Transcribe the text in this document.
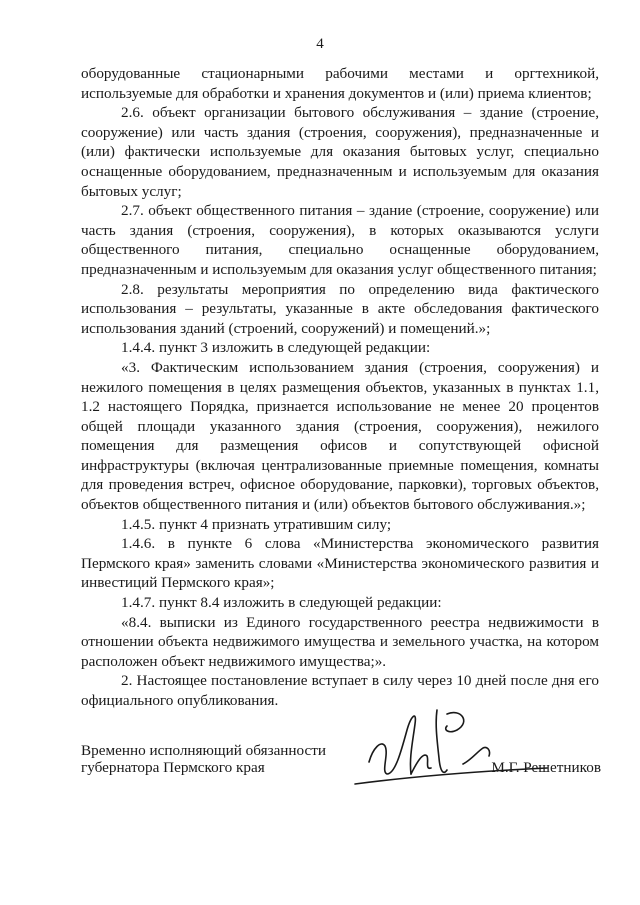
4

оборудованные стационарными рабочими местами и оргтехникой, используемые для обработки и хранения документов и (или) приема клиентов;

2.6. объект организации бытового обслуживания – здание (строение, сооружение) или часть здания (строения, сооружения), предназначенные и (или) фактически используемые для оказания бытовых услуг, специально оснащенные оборудованием, предназначенным и используемым для оказания бытовых услуг;

2.7. объект общественного питания – здание (строение, сооружение) или часть здания (строения, сооружения), в которых оказываются услуги общественного питания, специально оснащенные оборудованием, предназначенным и используемым для оказания услуг общественного питания;

2.8. результаты мероприятия по определению вида фактического использования – результаты, указанные в акте обследования фактического использования зданий (строений, сооружений) и помещений.»;

1.4.4. пункт 3 изложить в следующей редакции:

«3. Фактическим использованием здания (строения, сооружения) и нежилого помещения в целях размещения объектов, указанных в пунктах 1.1, 1.2 настоящего Порядка, признается использование не менее 20 процентов общей площади указанного здания (строения, сооружения), нежилого помещения для размещения офисов и сопутствующей офисной инфраструктуры (включая централизованные приемные помещения, комнаты для проведения встреч, офисное оборудование, парковки), торговых объектов, объектов общественного питания и (или) объектов бытового обслуживания.»;

1.4.5. пункт 4 признать утратившим силу;

1.4.6. в пункте 6 слова «Министерства экономического развития Пермского края» заменить словами «Министерства экономического развития и инвестиций Пермского края»;

1.4.7. пункт 8.4 изложить в следующей редакции:

«8.4. выписки из Единого государственного реестра недвижимости в отношении объекта недвижимого имущества и земельного участка, на котором расположен объект недвижимого имущества;».

2. Настоящее постановление вступает в силу через 10 дней после дня его официального опубликования.

Временно исполняющий обязанности
губернатора Пермского края	М.Г. Решетников
